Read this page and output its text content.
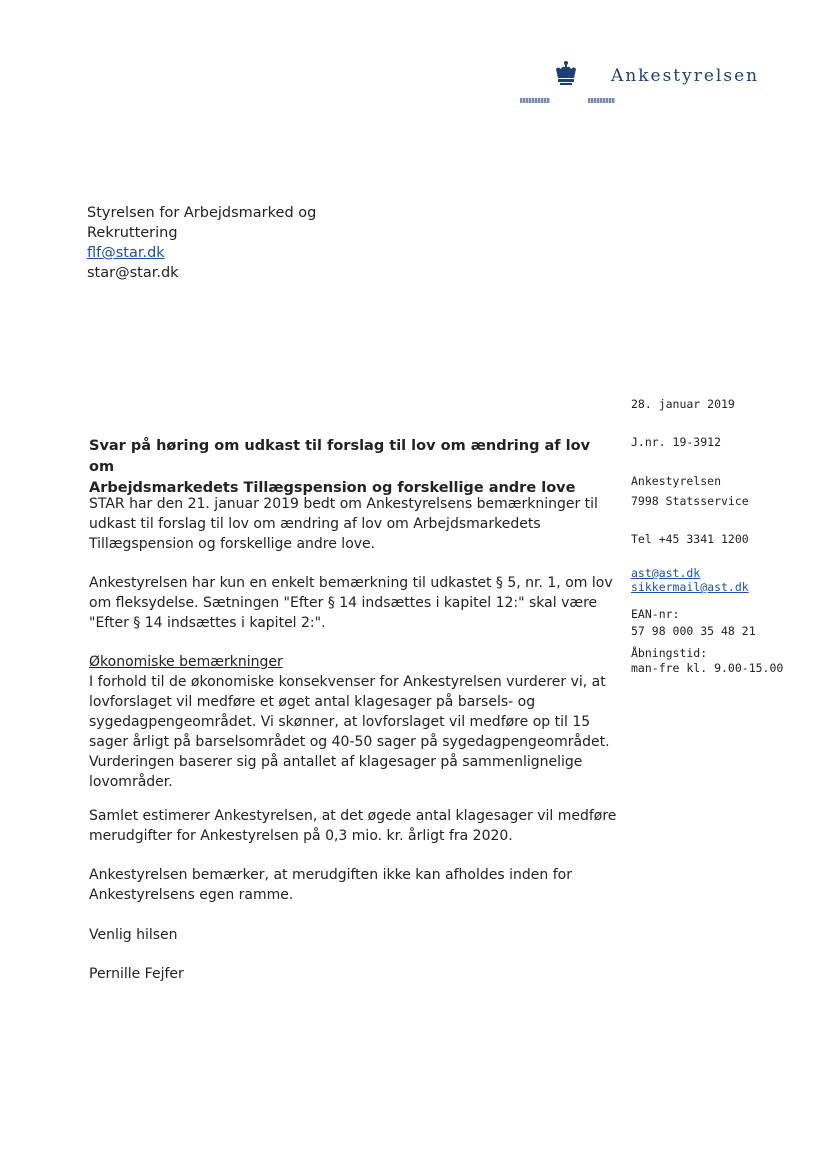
Ankestyrelsen
Styrelsen for Arbejdsmarked og
Rekruttering
flf@star.dk
star@star.dk
28. januar 2019
J.nr. 19-3912
Ankestyrelsen
7998 Statsservice
Tel +45 3341 1200
ast@ast.dk
sikkermail@ast.dk
EAN-nr:
57 98 000 35 48 21
Åbningstid:
man-fre kl. 9.00-15.00
Svar på høring om udkast til forslag til lov om ændring af lov om
Arbejdsmarkedets Tillægspension og forskellige andre love
STAR har den 21. januar 2019 bedt om Ankestyrelsens bemærkninger til
udkast til forslag til lov om ændring af lov om Arbejdsmarkedets
Tillægspension og forskellige andre love.
Ankestyrelsen har kun en enkelt bemærkning til udkastet § 5, nr. 1, om lov
om fleksydelse. Sætningen "Efter § 14 indsættes i kapitel 12:" skal være
"Efter § 14 indsættes i kapitel 2:".
Økonomiske bemærkninger
I forhold til de økonomiske konsekvenser for Ankestyrelsen vurderer vi, at
lovforslaget vil medføre et øget antal klagesager på barsels- og
sygedagpengeområdet. Vi skønner, at lovforslaget vil medføre op til 15
sager årligt på barselsområdet og 40-50 sager på sygedagpengeområdet.
Vurderingen baserer sig på antallet af klagesager på sammenlignelige
lovområder.
Samlet estimerer Ankestyrelsen, at det øgede antal klagesager vil medføre
merudgifter for Ankestyrelsen på 0,3 mio. kr. årligt fra 2020.
Ankestyrelsen bemærker, at merudgiften ikke kan afholdes inden for
Ankestyrelsens egen ramme.
Venlig hilsen
Pernille Fejfer
